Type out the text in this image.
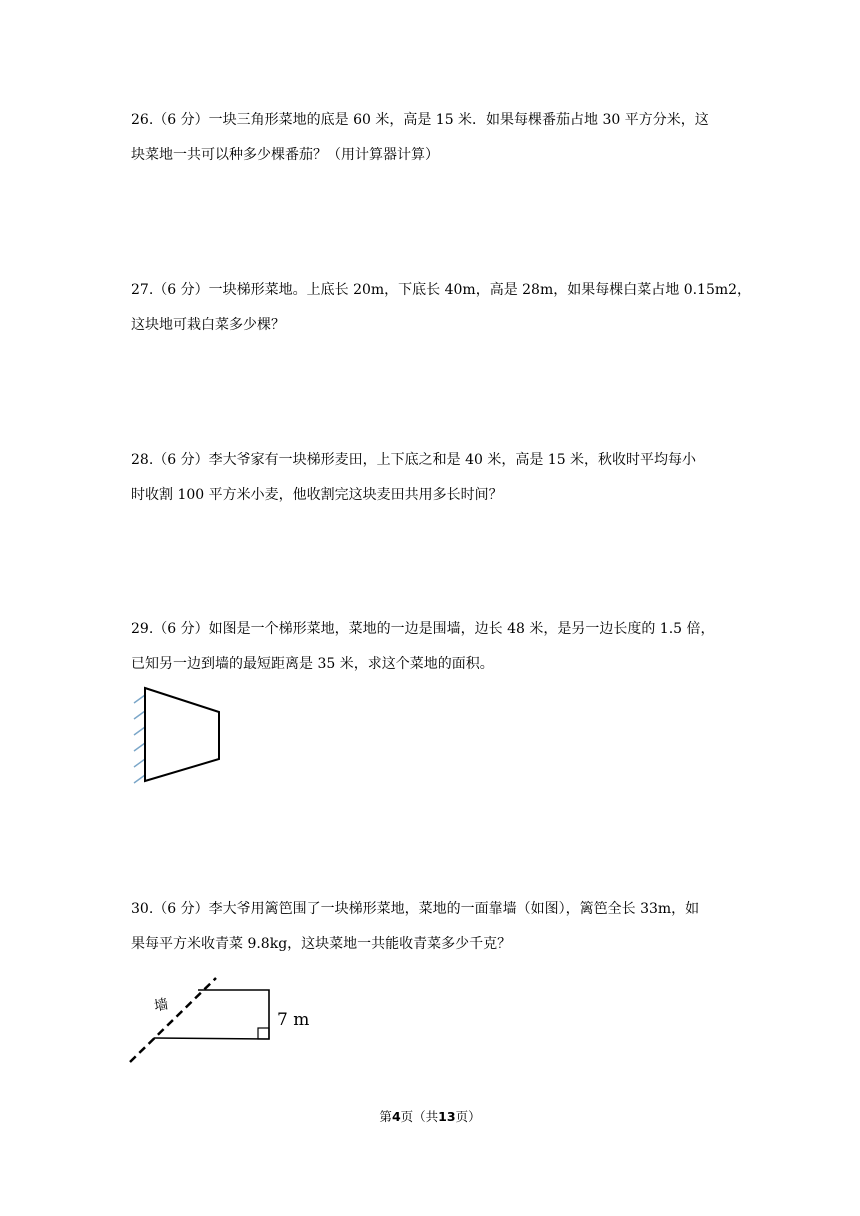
26.（6 分）一块三角形菜地的底是 60 米，高是 15 米．如果每棵番茄占地 30 平方分米，这

块菜地一共可以种多少棵番茄？（用计算器计算）

27.（6 分）一块梯形菜地。上底长 20m，下底长 40m，高是 28m，如果每棵白菜占地 0.15m2，

这块地可栽白菜多少棵？

28.（6 分）李大爷家有一块梯形麦田，上下底之和是 40 米，高是 15 米，秋收时平均每小

时收割 100 平方米小麦，他收割完这块麦田共用多长时间？

29.（6 分）如图是一个梯形菜地，菜地的一边是围墙，边长 48 米，是另一边长度的 1.5 倍，

已知另一边到墙的最短距离是 35 米，求这个菜地的面积。

30.（6 分）李大爷用篱笆围了一块梯形菜地，菜地的一面靠墙（如图），篱笆全长 33m，如

果每平方米收青菜 9.8kg，这块菜地一共能收青菜多少千克？

墙
7 m
第4页（共13页）
